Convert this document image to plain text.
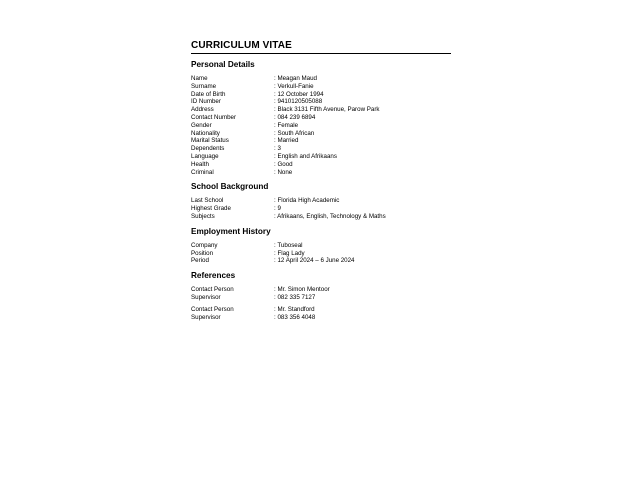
CURRICULUM VITAE
Personal Details
Name	: Meagan Maud
Surname	: Verkull-Fanie
Date of Birth	: 12 October 1994
ID Number	: 9410120505088
Address	: Black 3131 Fifth Avenue, Parow Park
Contact Number	: 084 239 6894
Gender	: Female
Nationality	: South African
Marital Status	: Married
Dependents	: 3
Language	: English and Afrikaans
Health	: Good
Criminal	: None
School Background
Last School	: Florida High Academic
Highest Grade	: 9
Subjects	: Afrikaans, English, Technology & Maths
Employment History
Company	: Tuboseal
Position	: Flag Lady
Period	: 12 April 2024 – 6 June 2024
References
Contact Person	: Mr. Simon Mentoor
Supervisor	: 082 335 7127
Contact Person	: Mr. Standford
Supervisor	: 083 356 4048
